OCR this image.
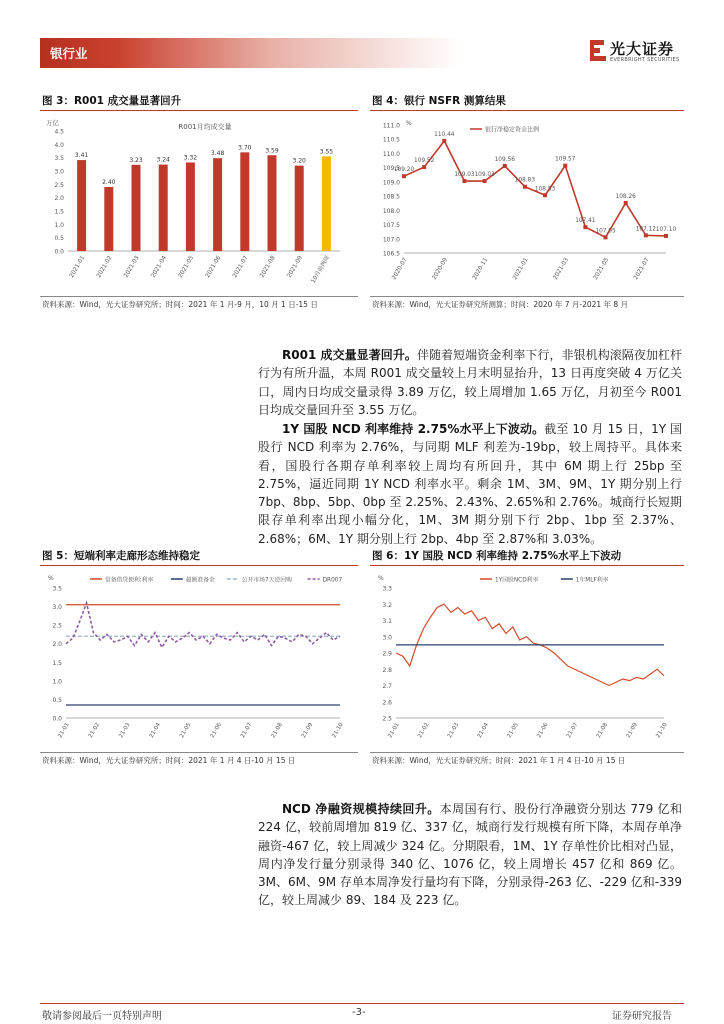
银行业	光大证券
EVERBRIGHT SECURITIES
图 3：R001 成交量显著回升
万亿	R001月均成交量
0.0
0.5
1.0
1.5
2.0
2.5
3.0
3.5
4.0
4.5
3.41
2021-01
2.40
2021-02
3.23
2021-03
3.24
2021-04
3.32
2021-05
3.48
2021-06
3.70
2021-07
3.59
2021-08
3.20
2021-09
3.55
10月前两周
资料来源：Wind，光大证券研究所；时间：2021 年 1 月-9 月，10 月 1 日-15 日
图 4：银行 NSFR 测算结果
%
银行净稳定资金比例
106.5
107.0
107.5
108.0
108.5
109.0
109.5
110.0
110.5
111.0
109.20
2020-07
109.52
110.44
2020-09
109.03 109.03
2020-11
109.56
108.83
2021-01
108.53
109.57
2021-03
107.41
107.05
2021-05
108.26
107.12
2021-07
107.10
资料来源：Wind，光大证券研究所测算；时间：2020 年 7 月-2021 年 8 月
R001 成交量显著回升。伴随着短端资金利率下行，非银机构滚隔夜加杠杆行为有所升温，本周 R001 成交量较上月末明显抬升，13 日再度突破 4 万亿关口，周内日均成交量录得 3.89 万亿，较上周增加 1.65 万亿，月初至今 R001 日均成交量回升至 3.55 万亿。
1Y 国股 NCD 利率维持 2.75%水平上下波动。截至 10 月 15 日，1Y 国股行 NCD 利率为 2.76%，与同期 MLF 利差为-19bp，较上周持平。具体来看，国股行各期存单利率较上周均有所回升，其中 6M 期上行 25bp 至 2.75%，逼近同期 1Y NCD 利率水平。剩余 1M、3M、9M、1Y 期分别上行 7bp、8bp、5bp、0bp 至 2.25%、2.43%、2.65%和 2.76%。城商行长短期限存单利率出现小幅分化，1M、3M 期分别下行 2bp、1bp 至 2.37%、2.68%；6M、1Y 期分别上行 2bp、4bp 至 2.87%和 3.03%。
图 5：短端利率走廊形态维持稳定
%
0.0
0.5
1.0
1.5
2.0
2.5
3.0
3.5
21-01	21-02	21-03	21-04	21-05	21-06	21-07	21-08	21-09	21-10
常备借贷便利:利率	超额准备金	公开市场7天逆回购	DR007
资料来源：Wind，光大证券研究所；时间：2021 年 1 月 4 日-10 月 15 日
图 6：1Y 国股 NCD 利率维持 2.75%水平上下波动
%
2.5
2.6
2.7
2.8
2.9
3.0
3.1
3.2
3.3
21-01	21-02	21-03	21-04	21-05	21-06	21-07	21-08	21-09	21-10
1Y国股NCD利率	1年MLF利率
资料来源：Wind，光大证券研究所；时间：2021 年 1 月 4 日-10 月 15 日
NCD 净融资规模持续回升。本周国有行、股份行净融资分别达 779 亿和 224 亿，较前周增加 819 亿、337 亿，城商行发行规模有所下降，本周存单净融资-467 亿，较上周减少 324 亿。分期限看，1M、1Y 存单性价比相对凸显，周内净发行量分别录得 340 亿、1076 亿，较上周增长 457 亿和 869 亿。3M、6M、9M 存单本周净发行量均有下降，分别录得-263 亿、-229 亿和-339 亿，较上周减少 89、184 及 223 亿。
敬请参阅最后一页特别声明	-3-	证券研究报告
